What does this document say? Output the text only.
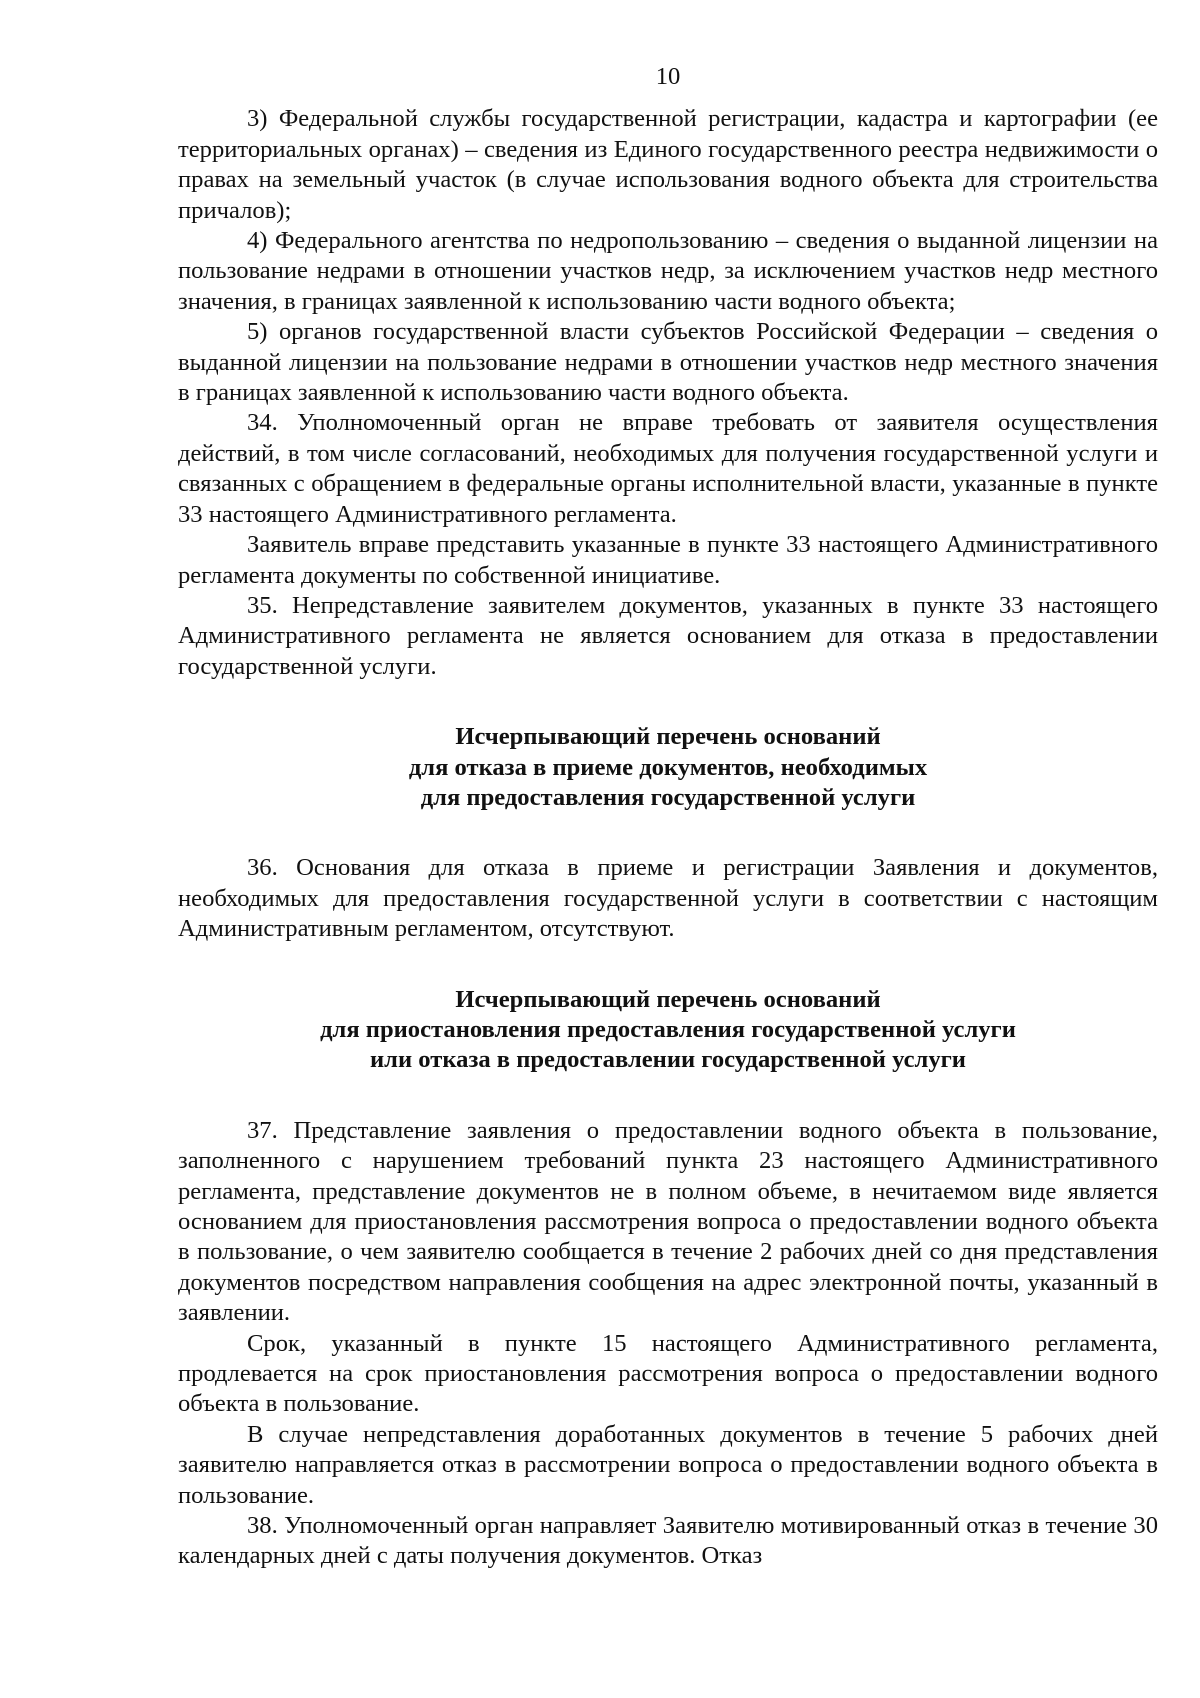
10

3) Федеральной службы государственной регистрации, кадастра и картографии (ее территориальных органах) – сведения из Единого государственного реестра недвижимости о правах на земельный участок (в случае использования водного объекта для строительства причалов);

4) Федерального агентства по недропользованию – сведения о выданной лицензии на пользование недрами в отношении участков недр, за исключением участков недр местного значения, в границах заявленной к использованию части водного объекта;

5) органов государственной власти субъектов Российской Федерации – сведения о выданной лицензии на пользование недрами в отношении участков недр местного значения в границах заявленной к использованию части водного объекта.

34. Уполномоченный орган не вправе требовать от заявителя осуществления действий, в том числе согласований, необходимых для получения государственной услуги и связанных с обращением в федеральные органы исполнительной власти, указанные в пункте 33 настоящего Административного регламента.

Заявитель вправе представить указанные в пункте 33 настоящего Административного регламента документы по собственной инициативе.

35. Непредставление заявителем документов, указанных в пункте 33 настоящего Административного регламента не является основанием для отказа в предоставлении государственной услуги.

Исчерпывающий перечень оснований
для отказа в приеме документов, необходимых
для предоставления государственной услуги

36. Основания для отказа в приеме и регистрации Заявления и документов, необходимых для предоставления государственной услуги в соответствии с настоящим Административным регламентом, отсутствуют.

Исчерпывающий перечень оснований
для приостановления предоставления государственной услуги
или отказа в предоставлении государственной услуги

37. Представление заявления о предоставлении водного объекта в пользование, заполненного с нарушением требований пункта 23 настоящего Административного регламента, представление документов не в полном объеме, в нечитаемом виде является основанием для приостановления рассмотрения вопроса о предоставлении водного объекта в пользование, о чем заявителю сообщается в течение 2 рабочих дней со дня представления документов посредством направления сообщения на адрес электронной почты, указанный в заявлении.

Срок, указанный в пункте 15 настоящего Административного регламента, продлевается на срок приостановления рассмотрения вопроса о предоставлении водного объекта в пользование.

В случае непредставления доработанных документов в течение 5 рабочих дней заявителю направляется отказ в рассмотрении вопроса о предоставлении водного объекта в пользование.

38. Уполномоченный орган направляет Заявителю мотивированный отказ в течение 30 календарных дней с даты получения документов. Отказ
